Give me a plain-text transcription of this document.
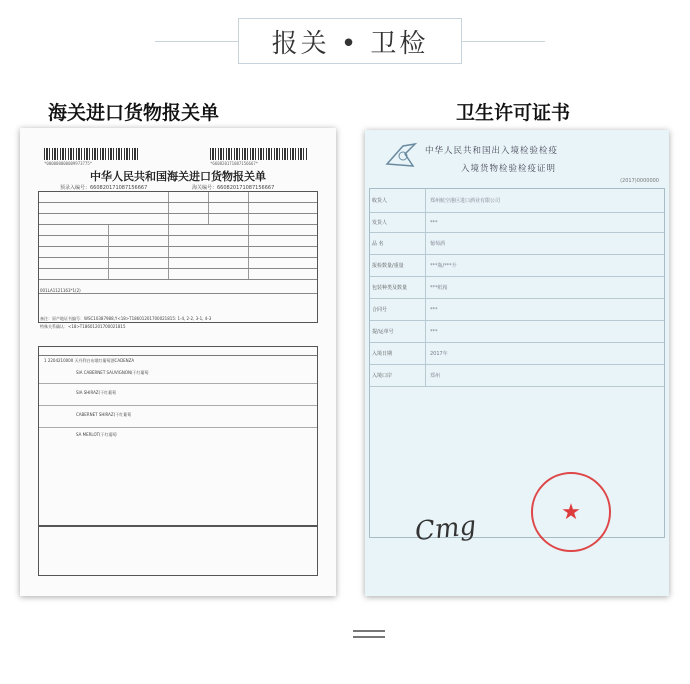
报关 • 卫检
海关进口货物报关单	卫生许可证书
*000000000009973775*	*660820171087156667*
中华人民共和国海关进口货物报关单
预录入编号：660820171087156667	海关编号：660820171087156667
001LA1121163*1(2)
备注：原产地证书编号：WSC10387988,Y<18>T18601201700021815: 1-4, 2-2, 3-1, 4-3
特殊关系确认：<18>T18601201700021815
1 2204210000 天丹利白布缎红葡萄酒CADENZA
SIA CABERNET SAUVIGNON(干红葡萄
SIA SHIRAZ(干红葡萄
CABERNET SHIRAZ(干红葡萄
SA MERLOT(干红葡萄
中华人民共和国出入境检验检疫
入境货物检验检疫证明
(2017)0000000
收货人	郑州航空港区进口酒业有限公司
发货人	***
品 名	葡萄酒
报检数量/重量	***瓶/***升
包装种类及数量	***纸箱
合同号	***
提/运单号	***
入境日期	2017年
入境口岸	郑州
Cmg	★
